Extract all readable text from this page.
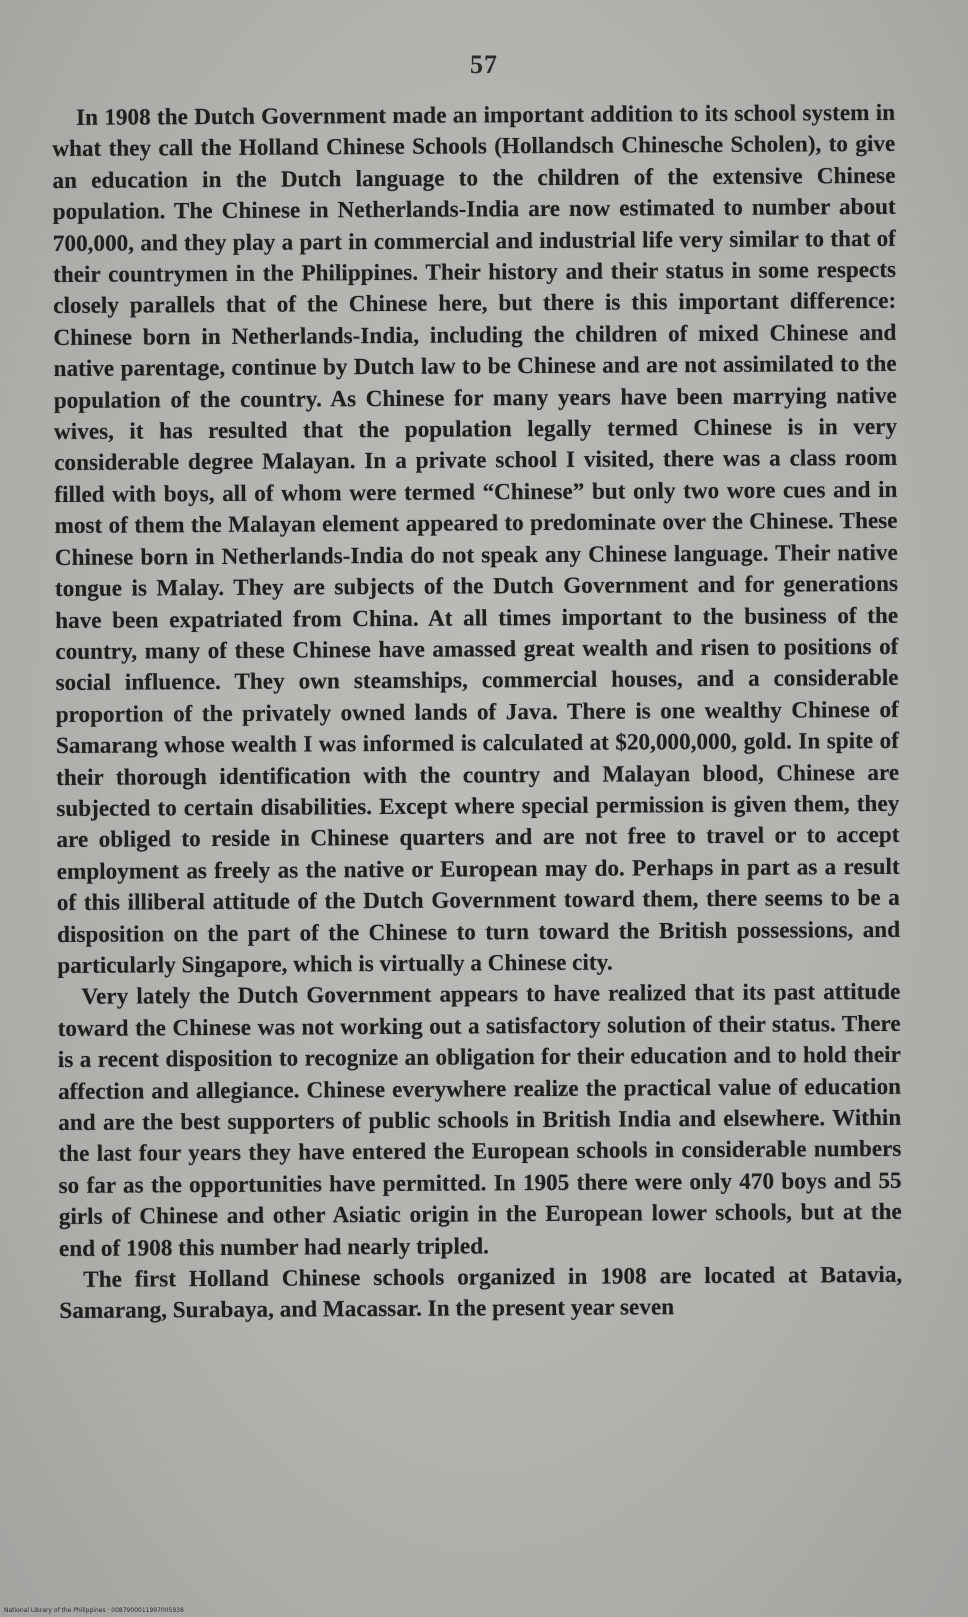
57

In 1908 the Dutch Government made an important addition to its school system in what they call the Holland Chinese Schools (Hollandsch Chinesche Scholen), to give an education in the Dutch language to the children of the extensive Chinese population. The Chinese in Netherlands-India are now estimated to number about 700,000, and they play a part in commercial and industrial life very similar to that of their countrymen in the Philippines. Their history and their status in some respects closely parallels that of the Chinese here, but there is this important difference: Chinese born in Netherlands-India, including the children of mixed Chinese and native parentage, continue by Dutch law to be Chinese and are not assimilated to the population of the country. As Chinese for many years have been marrying native wives, it has resulted that the population legally termed Chinese is in very considerable degree Malayan. In a private school I visited, there was a class room filled with boys, all of whom were termed “Chinese” but only two wore cues and in most of them the Malayan element appeared to predominate over the Chinese. These Chinese born in Netherlands-India do not speak any Chinese language. Their native tongue is Malay. They are subjects of the Dutch Government and for generations have been expatriated from China. At all times important to the business of the country, many of these Chinese have amassed great wealth and risen to positions of social influence. They own steamships, commercial houses, and a considerable proportion of the privately owned lands of Java. There is one wealthy Chinese of Samarang whose wealth I was informed is calculated at $20,000,000, gold. In spite of their thorough identification with the country and Malayan blood, Chinese are subjected to certain disabilities. Except where special permission is given them, they are obliged to reside in Chinese quarters and are not free to travel or to accept employment as freely as the native or European may do. Perhaps in part as a result of this illiberal attitude of the Dutch Government toward them, there seems to be a disposition on the part of the Chinese to turn toward the British possessions, and particularly Singapore, which is virtually a Chinese city.

Very lately the Dutch Government appears to have realized that its past attitude toward the Chinese was not working out a satisfactory solution of their status. There is a recent disposition to recognize an obligation for their education and to hold their affection and allegiance. Chinese everywhere realize the practical value of education and are the best supporters of public schools in British India and elsewhere. Within the last four years they have entered the European schools in considerable numbers so far as the opportunities have permitted. In 1905 there were only 470 boys and 55 girls of Chinese and other Asiatic origin in the European lower schools, but at the end of 1908 this number had nearly tripled.

The first Holland Chinese schools organized in 1908 are located at Batavia, Samarang, Surabaya, and Macassar. In the present year seven

National Library of the Philippines · 0087900011997005938
